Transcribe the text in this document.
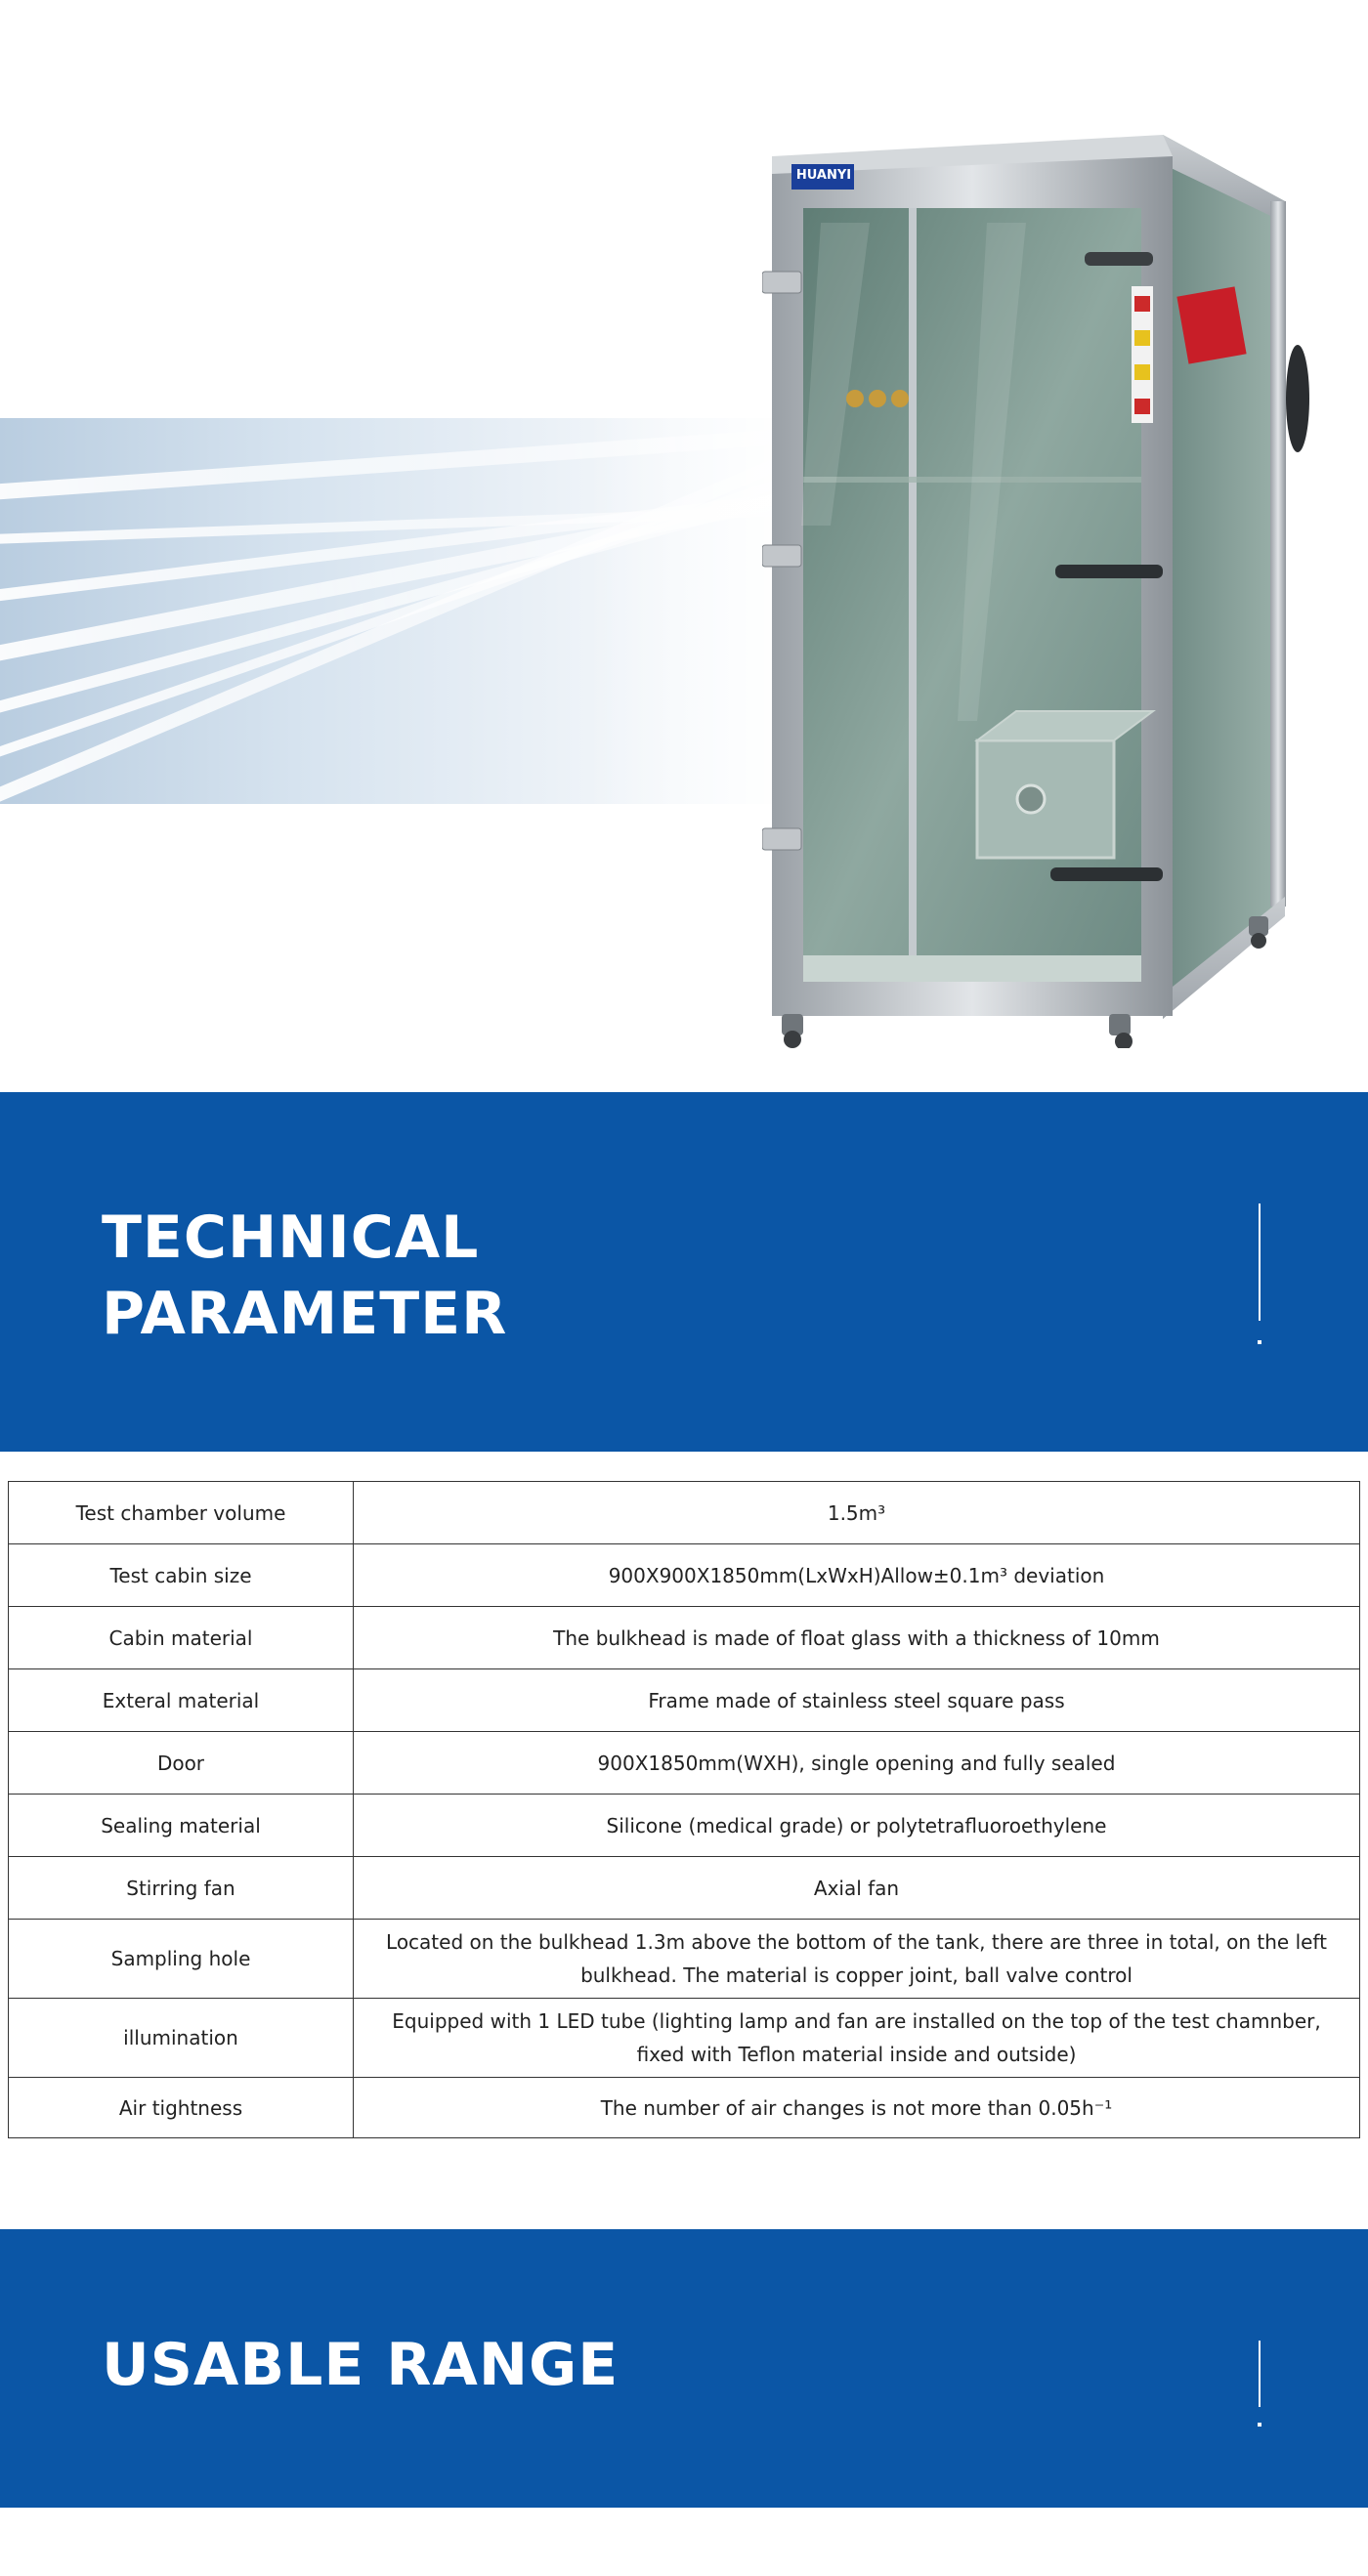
HUANYI
TECHNICAL
PARAMETER
Test chamber volume	1.5m³
Test cabin size	900X900X1850mm(LxWxH)Allow±0.1m³ deviation
Cabin material	The bulkhead is made of float glass with a thickness of 10mm
Exteral material	Frame made of stainless steel square pass
Door	900X1850mm(WXH), single opening and fully sealed
Sealing material	Silicone (medical grade) or polytetrafluoroethylene
Stirring fan	Axial fan
Sampling hole	Located on the bulkhead 1.3m above the bottom of the tank, there are three in total, on the left bulkhead. The material is copper joint, ball valve control
illumination	Equipped with 1 LED tube (lighting lamp and fan are installed on the top of the test chamnber, fixed with Teflon material inside and outside)
Air tightness	The number of air changes is not more than 0.05h⁻¹
USABLE RANGE
